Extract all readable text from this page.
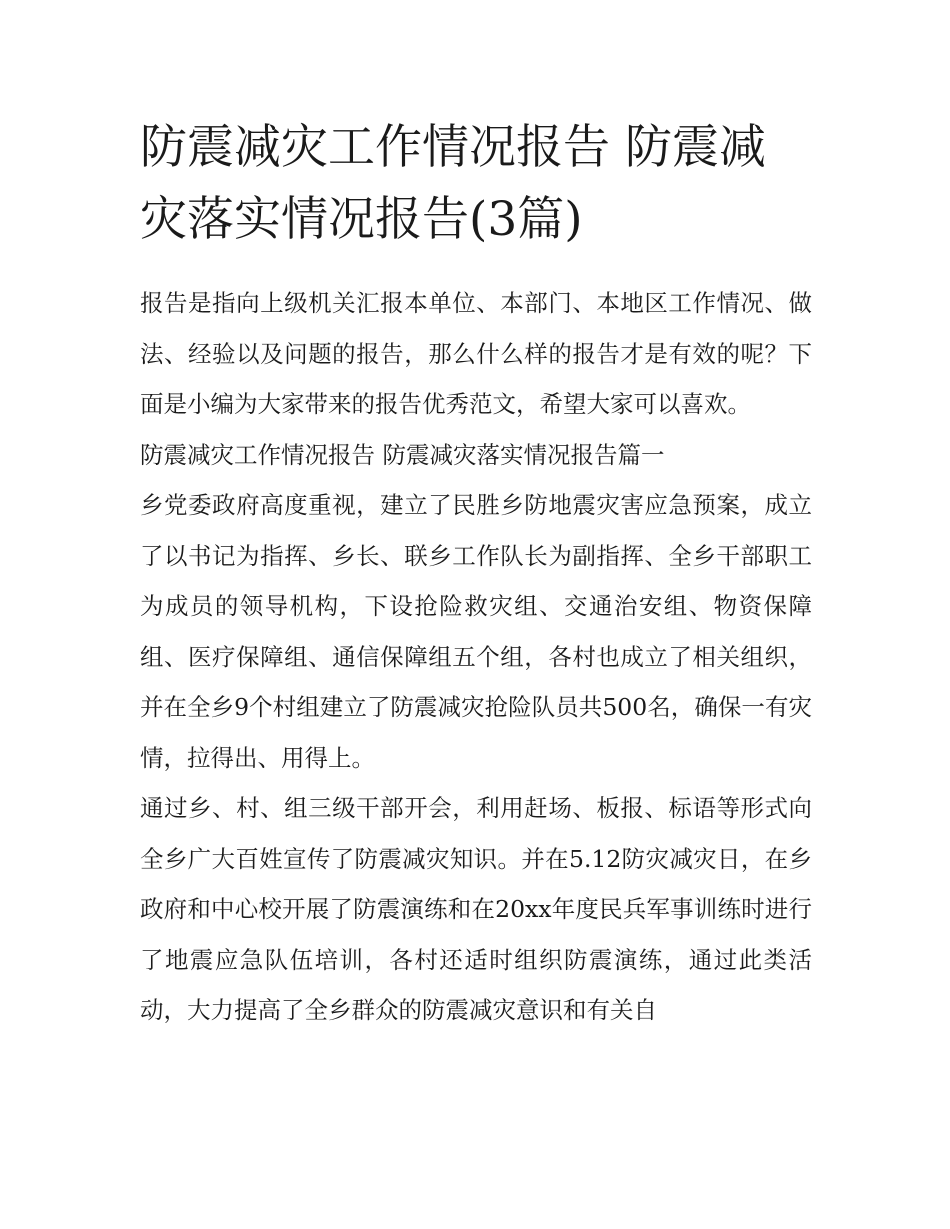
防震减灾工作情况报告 防震减灾落实情况报告(3篇)

报告是指向上级机关汇报本单位、本部门、本地区工作情况、做法、经验以及问题的报告，那么什么样的报告才是有效的呢？下面是小编为大家带来的报告优秀范文，希望大家可以喜欢。

防震减灾工作情况报告 防震减灾落实情况报告篇一

乡党委政府高度重视，建立了民胜乡防地震灾害应急预案，成立了以书记为指挥、乡长、联乡工作队长为副指挥、全乡干部职工为成员的领导机构，下设抢险救灾组、交通治安组、物资保障组、医疗保障组、通信保障组五个组，各村也成立了相关组织，并在全乡9个村组建立了防震减灾抢险队员共500名，确保一有灾情，拉得出、用得上。

通过乡、村、组三级干部开会，利用赶场、板报、标语等形式向全乡广大百姓宣传了防震减灾知识。并在5.12防灾减灾日，在乡政府和中心校开展了防震演练和在20xx年度民兵军事训练时进行了地震应急队伍培训，各村还适时组织防震演练，通过此类活动，大力提高了全乡群众的防震减灾意识和有关自
